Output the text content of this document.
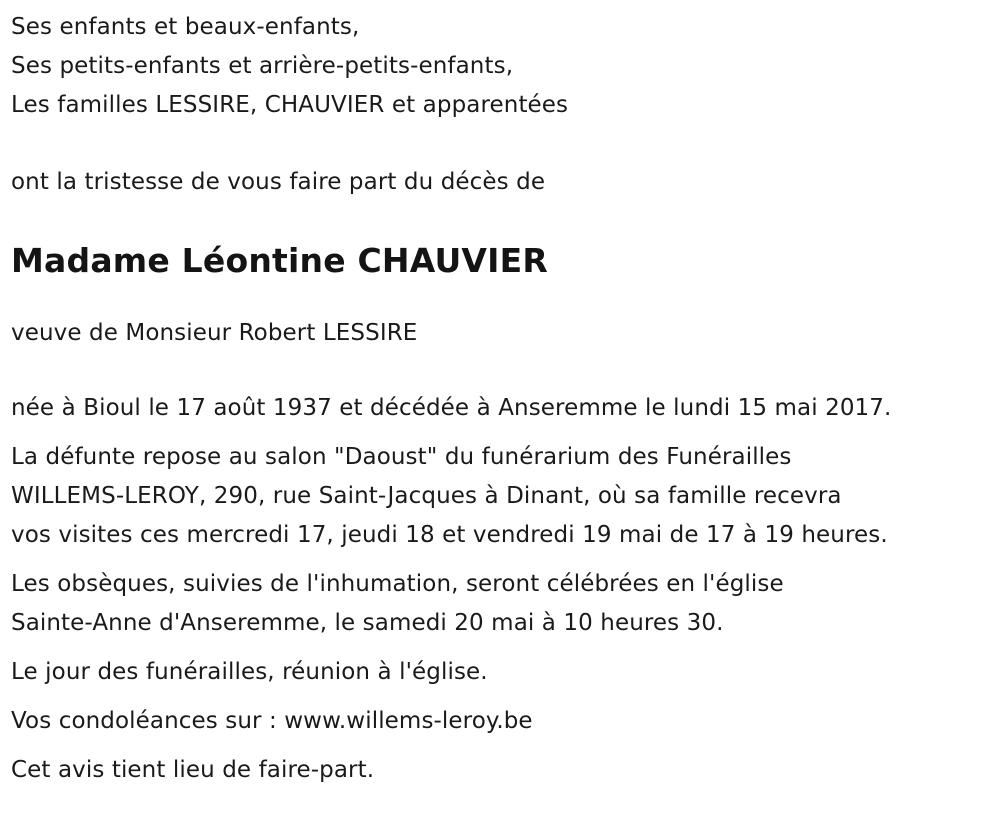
Ses enfants et beaux-enfants,
Ses petits-enfants et arrière-petits-enfants,
Les familles LESSIRE, CHAUVIER et apparentées
ont la tristesse de vous faire part du décès de
Madame Léontine CHAUVIER
veuve de Monsieur Robert LESSIRE
née à Bioul le 17 août 1937 et décédée à Anseremme le lundi 15 mai 2017.
La défunte repose au salon "Daoust" du funérarium des Funérailles
WILLEMS-LEROY, 290, rue Saint-Jacques à Dinant, où sa famille recevra
vos visites ces mercredi 17, jeudi 18 et vendredi 19 mai de 17 à 19 heures.
Les obsèques, suivies de l'inhumation, seront célébrées en l'église
Sainte-Anne d'Anseremme, le samedi 20 mai à 10 heures 30.
Le jour des funérailles, réunion à l'église.
Vos condoléances sur : www.willems-leroy.be
Cet avis tient lieu de faire-part.
